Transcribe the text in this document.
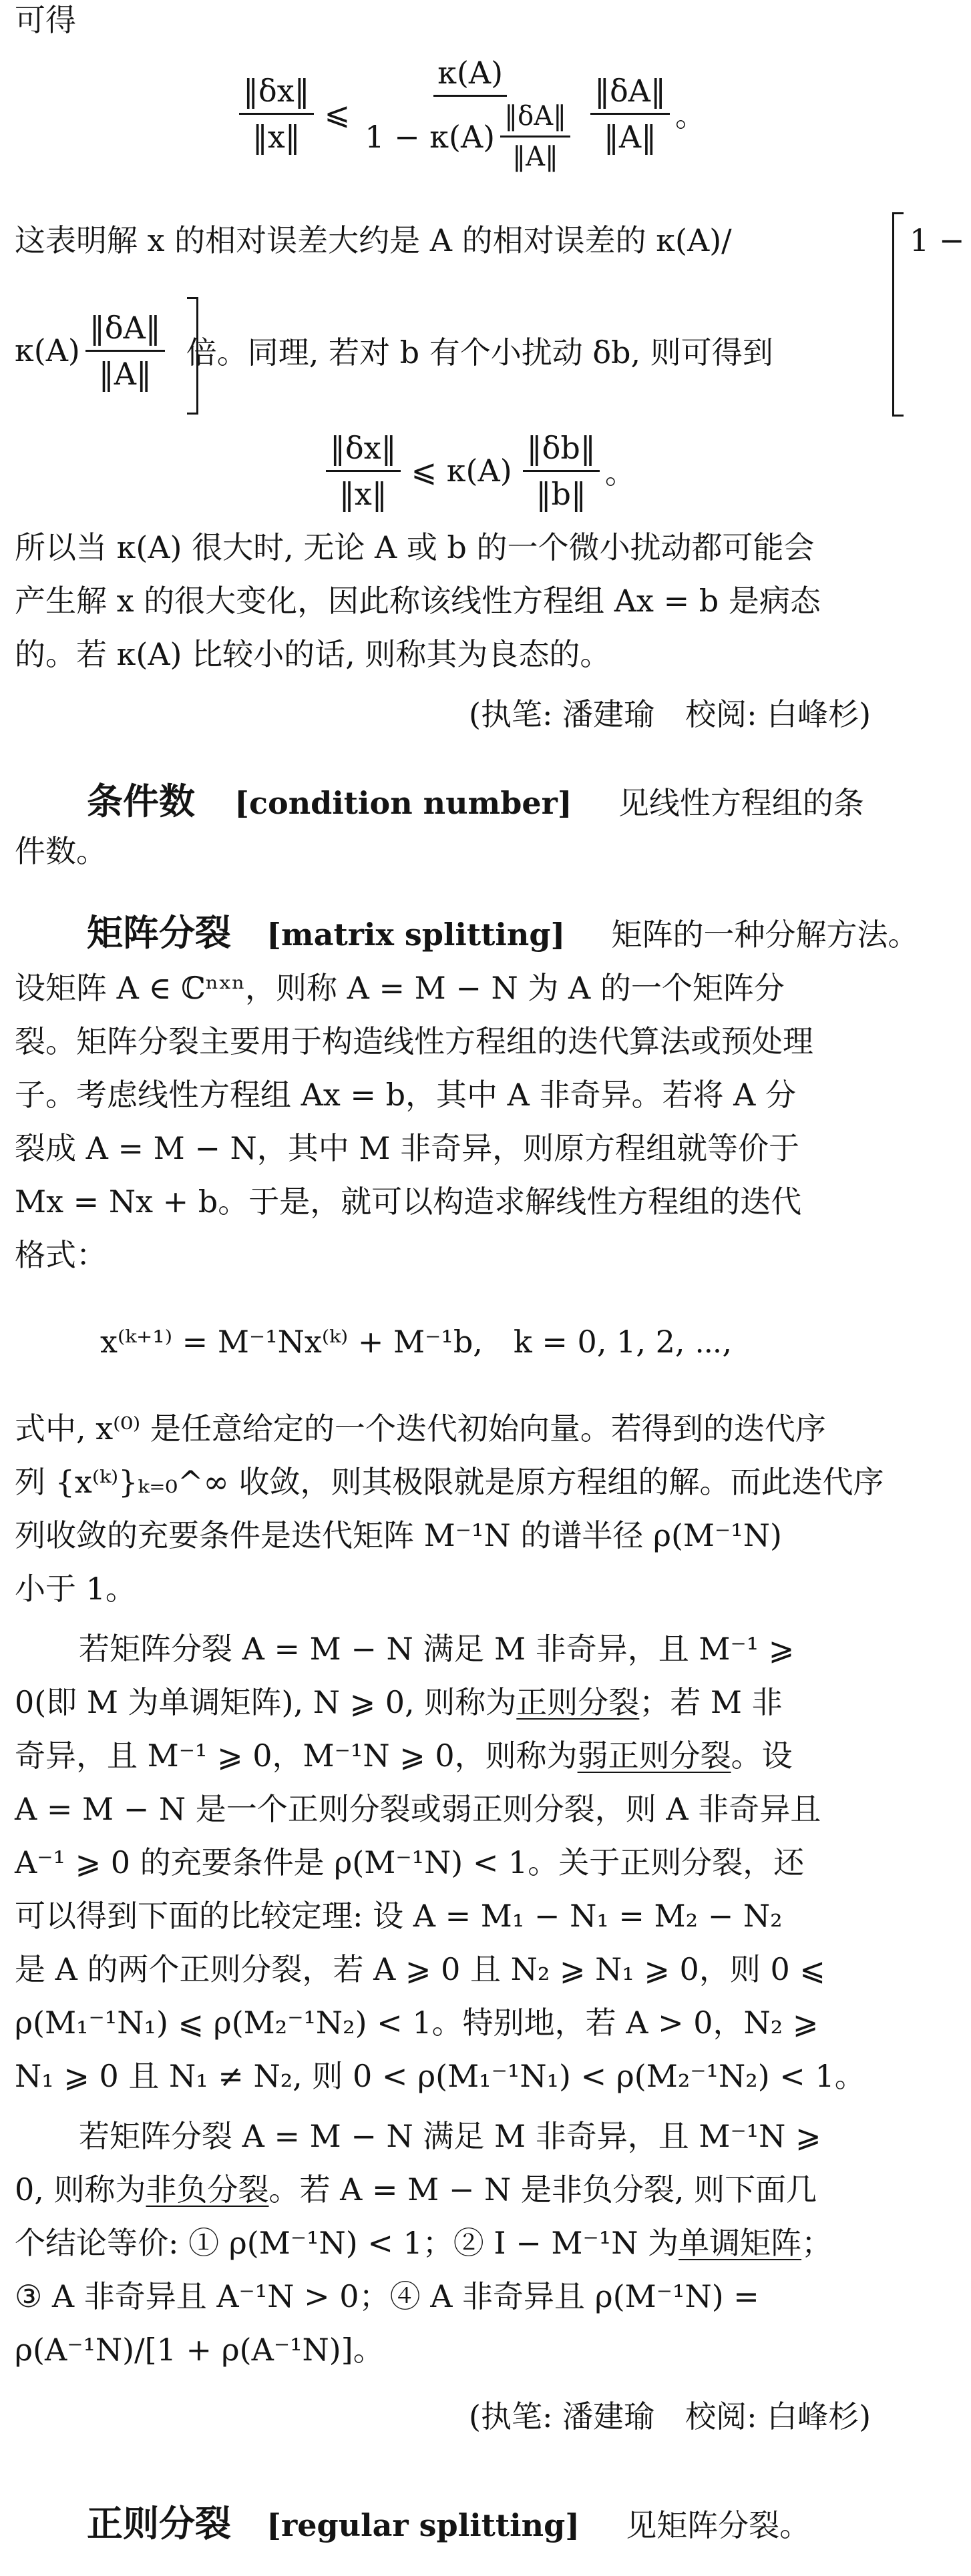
可得
$\frac{‖\delta x‖}{‖x‖}$ ⩽ $\frac{\kappa(A)}{1 - \kappa(A) \frac{‖\delta A‖}{‖A‖}} \frac{‖\delta A‖}{‖A‖}$ 。
这表明解 x 的相对误差大约是 A 的相对误差的 κ(A)/	1 −
$\kappa(A) \frac{‖\delta A‖}{‖A‖}$ 倍。同理, 若对 b 有个小扰动 δb, 则可得到
$\frac{‖\delta x‖}{‖x‖}$ ⩽ $\kappa(A) \frac{‖\delta b‖}{‖b‖}$ 。
所以当 κ(A) 很大时, 无论 A 或 b 的一个微小扰动都可能会
产生解 x 的很大变化，因此称该线性方程组 Ax = b 是病态
的。若 κ(A) 比较小的话, 则称其为良态的。
(执笔: 潘建瑜　校阅: 白峰杉)
条件数 [condition number] 见线性方程组的条
件数。
矩阵分裂 [matrix splitting] 矩阵的一种分解方法。
设矩阵 A ∈ ℂⁿˣⁿ，则称 A = M − N 为 A 的一个矩阵分
裂。矩阵分裂主要用于构造线性方程组的迭代算法或预处理
子。考虑线性方程组 Ax = b，其中 A 非奇异。若将 A 分
裂成 A = M − N，其中 M 非奇异，则原方程组就等价于
Mx = Nx + b。于是，就可以构造求解线性方程组的迭代
格式：
x⁽ᵏ⁺¹⁾ = M⁻¹Nx⁽ᵏ⁾ + M⁻¹b,　k = 0, 1, 2, ⋯,
式中, x⁽⁰⁾ 是任意给定的一个迭代初始向量。若得到的迭代序
列 {x⁽ᵏ⁾}ₖ₌₀^∞ 收敛，则其极限就是原方程组的解。而此迭代序
列收敛的充要条件是迭代矩阵 M⁻¹N 的谱半径 ρ(M⁻¹N)
小于 1。
若矩阵分裂 A = M − N 满足 M 非奇异，且 M⁻¹ ⩾
0(即 M 为单调矩阵), N ⩾ 0, 则称为正则分裂；若 M 非
奇异，且 M⁻¹ ⩾ 0，M⁻¹N ⩾ 0，则称为弱正则分裂。设
A = M − N 是一个正则分裂或弱正则分裂，则 A 非奇异且
A⁻¹ ⩾ 0 的充要条件是 ρ(M⁻¹N) < 1。关于正则分裂，还
可以得到下面的比较定理: 设 A = M₁ − N₁ = M₂ − N₂
是 A 的两个正则分裂，若 A ⩾ 0 且 N₂ ⩾ N₁ ⩾ 0，则 0 ⩽
ρ(M₁⁻¹N₁) ⩽ ρ(M₂⁻¹N₂) < 1。特别地，若 A > 0，N₂ ⩾
N₁ ⩾ 0 且 N₁ ≠ N₂, 则 0 < ρ(M₁⁻¹N₁) < ρ(M₂⁻¹N₂) < 1。
若矩阵分裂 A = M − N 满足 M 非奇异，且 M⁻¹N ⩾
0, 则称为非负分裂。若 A = M − N 是非负分裂, 则下面几
个结论等价: ① ρ(M⁻¹N) < 1；② I − M⁻¹N 为单调矩阵；
③ A 非奇异且 A⁻¹N > 0；④ A 非奇异且 ρ(M⁻¹N) =
ρ(A⁻¹N)/[1 + ρ(A⁻¹N)]。
(执笔: 潘建瑜　校阅: 白峰杉)
正则分裂 [regular splitting] 见矩阵分裂。
